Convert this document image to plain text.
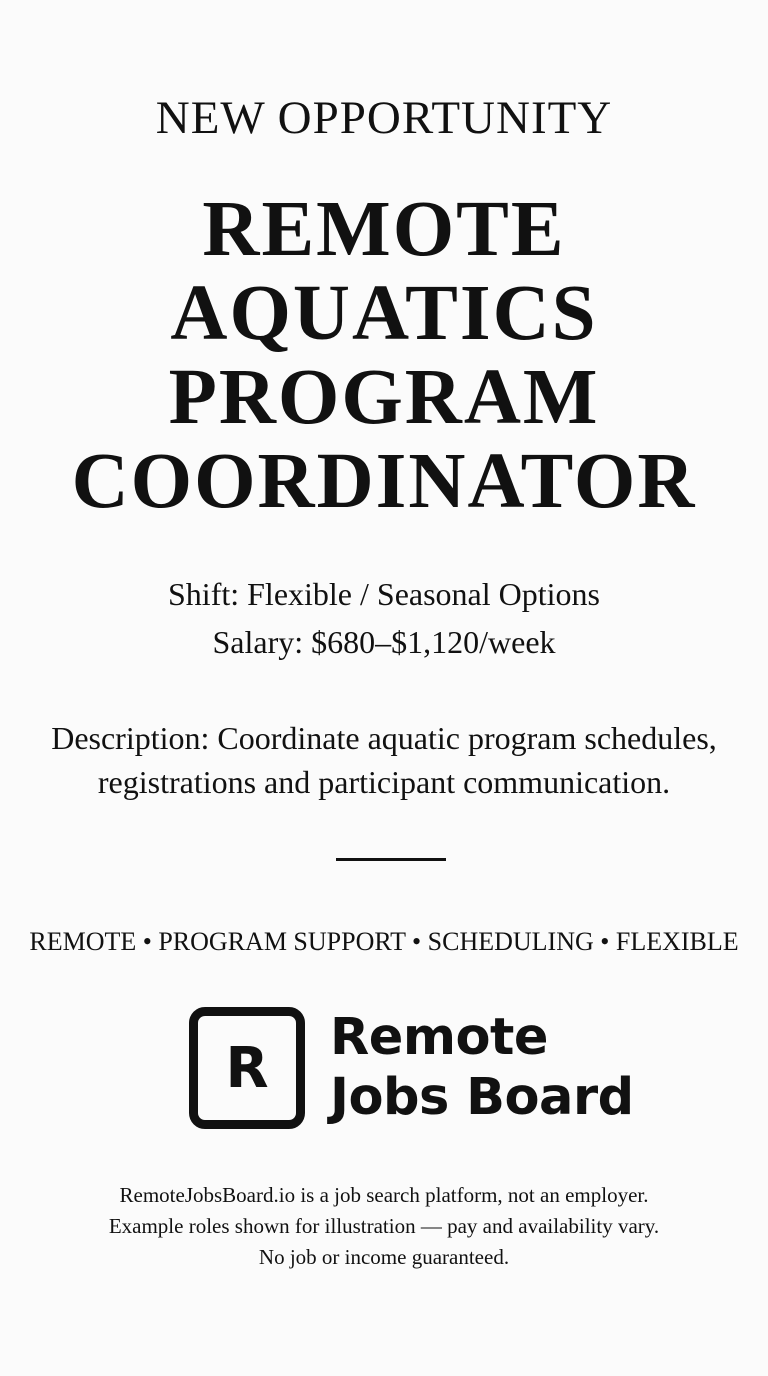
NEW OPPORTUNITY
REMOTE
AQUATICS
PROGRAM
COORDINATOR
Shift: Flexible / Seasonal Options
Salary: $680–$1,120/week
Description: Coordinate aquatic program schedules,
registrations and participant communication.
REMOTE • PROGRAM SUPPORT • SCHEDULING • FLEXIBLE
R Remote
Jobs Board
RemoteJobsBoard.io is a job search platform, not an employer.
Example roles shown for illustration — pay and availability vary.
No job or income guaranteed.
